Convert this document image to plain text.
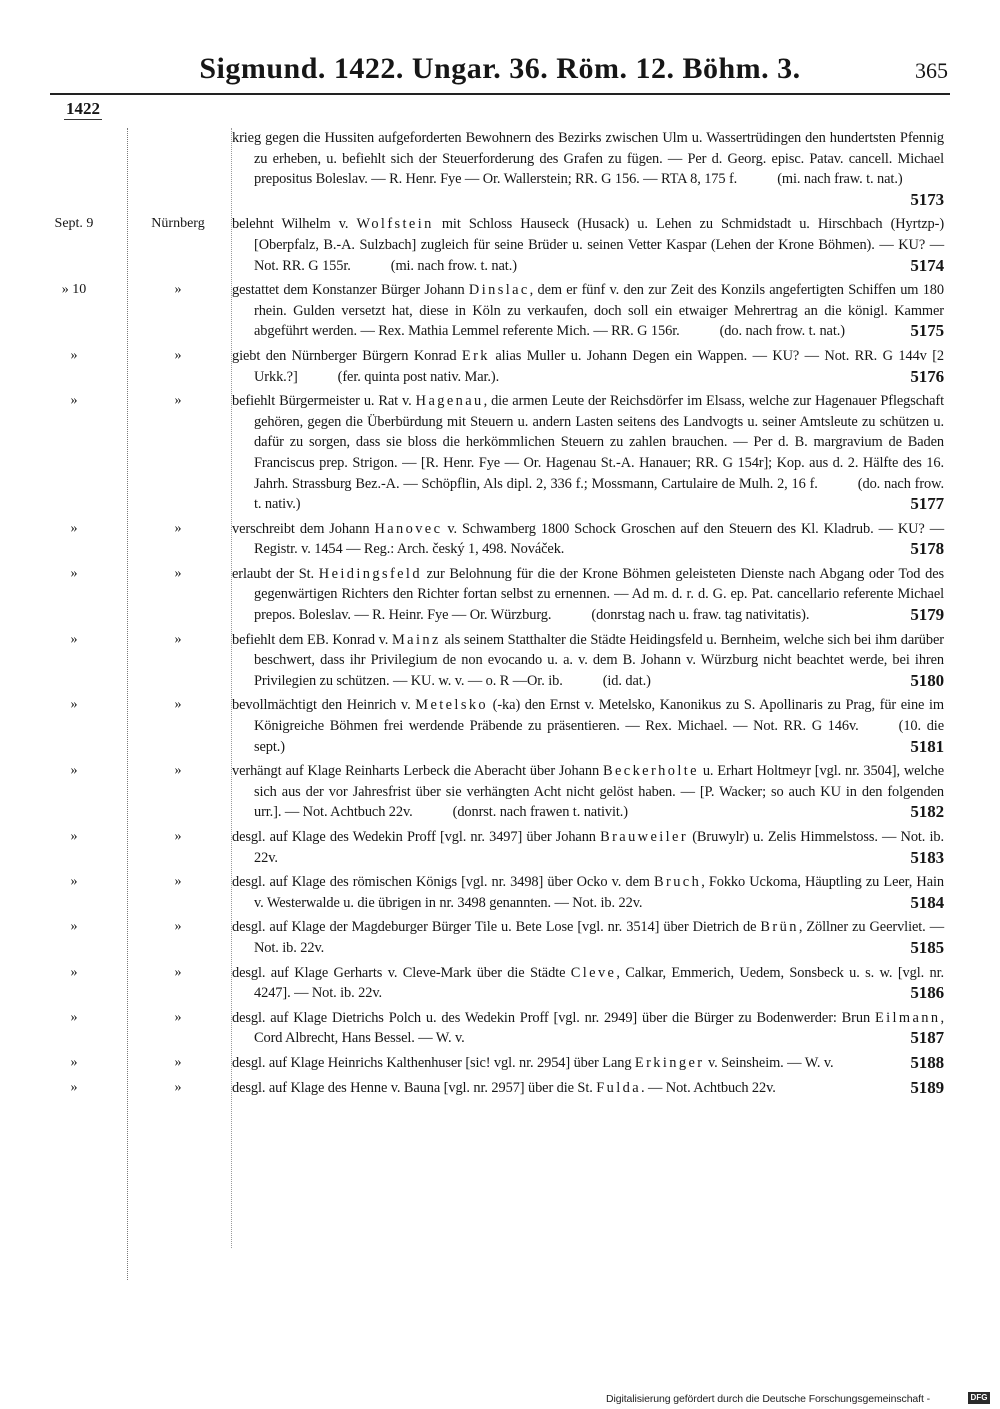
Sigmund. 1422. Ungar. 36. Röm. 12. Böhm. 3.	365
1422
krieg gegen die Hussiten aufgeforderten Bewohnern des Bezirks zwischen Ulm u. Wassertrüdingen den hundertsten Pfennig zu erheben, u. befiehlt sich der Steuerforderung des Grafen zu fügen. — Per d. Georg. episc. Patav. cancell. Michael prepositus Boleslav. — R. Henr. Fye — Or. Wallerstein; RR. G 156. — RTA 8, 175 f.	(mi. nach fraw. t. nat.)
5173
Sept. 9	Nürnberg	belehnt Wilhelm v. Wolfstein mit Schloss Hauseck (Husack) u. Lehen zu Schmidstadt u. Hirschbach (Hyrtzp-) [Oberpfalz, B.-A. Sulzbach] zugleich für seine Brüder u. seinen Vetter Kaspar (Lehen der Krone Böhmen). — KU? — Not. RR. G 155r.	(mi. nach frow. t. nat.)	5174
» 10	»	gestattet dem Konstanzer Bürger Johann Dinslac, dem er fünf v. den zur Zeit des Konzils angefertigten Schiffen um 180 rhein. Gulden versetzt hat, diese in Köln zu verkaufen, doch soll ein etwaiger Mehrertrag an die königl. Kammer abgeführt werden. — Rex. Mathia Lemmel referente Mich. — RR. G 156r.	(do. nach frow. t. nat.)	5175
»	»	giebt den Nürnberger Bürgern Konrad Erk alias Muller u. Johann Degen ein Wappen. — KU? — Not. RR. G 144v [2 Urkk.?]	(fer. quinta post nativ. Mar.).	5176
»	»	befiehlt Bürgermeister u. Rat v. Hagenau, die armen Leute der Reichsdörfer im Elsass, welche zur Hagenauer Pflegschaft gehören, gegen die Überbürdung mit Steuern u. andern Lasten seitens des Landvogts u. seiner Amtsleute zu schützen u. dafür zu sorgen, dass sie bloss die herkömmlichen Steuern zu zahlen brauchen. — Per d. B. margravium de Baden Franciscus prep. Strigon. — [R. Henr. Fye — Or. Hagenau St.-A. Hanauer; RR. G 154r]; Kop. aus d. 2. Hälfte des 16. Jahrh. Strassburg Bez.-A. — Schöpflin, Als dipl. 2, 336 f.; Mossmann, Cartulaire de Mulh. 2, 16 f.	(do. nach frow. t. nativ.)	5177
»	»	verschreibt dem Johann Hanovec v. Schwamberg 1800 Schock Groschen auf den Steuern des Kl. Kladrub. — KU? — Registr. v. 1454 — Reg.: Arch. český 1, 498. Nováček.	5178
»	»	erlaubt der St. Heidingsfeld zur Belohnung für die der Krone Böhmen geleisteten Dienste nach Abgang oder Tod des gegenwärtigen Richters den Richter fortan selbst zu ernennen. — Ad m. d. r. d. G. ep. Pat. cancellario referente Michael prepos. Boleslav. — R. Heinr. Fye — Or. Würzburg.	(donrstag nach u. fraw. tag nativitatis).	5179
»	»	befiehlt dem EB. Konrad v. Mainz als seinem Statthalter die Städte Heidingsfeld u. Bernheim, welche sich bei ihm darüber beschwert, dass ihr Privilegium de non evocando u. a. v. dem B. Johann v. Würzburg nicht beachtet werde, bei ihren Privilegien zu schützen. — KU. w. v. — o. R —Or. ib.	(id. dat.)	5180
»	»	bevollmächtigt den Heinrich v. Metelsko (-ka) den Ernst v. Metelsko, Kanonikus zu S. Apollinaris zu Prag, für eine im Königreiche Böhmen frei werdende Präbende zu präsentieren. — Rex. Michael. — Not. RR. G 146v.	(10. die sept.)	5181
»	»	verhängt auf Klage Reinharts Lerbeck die Aberacht über Johann Beckerholte u. Erhart Holtmeyr [vgl. nr. 3504], welche sich aus der vor Jahresfrist über sie verhängten Acht nicht gelöst haben. — [P. Wacker; so auch KU in den folgenden urr.]. — Not. Achtbuch 22v.	(donrst. nach frawen t. nativit.)	5182
»	»	desgl. auf Klage des Wedekin Proff [vgl. nr. 3497] über Johann Brauweiler (Bruwylr) u. Zelis Himmelstoss. — Not. ib. 22v.	5183
»	»	desgl. auf Klage des römischen Königs [vgl. nr. 3498] über Ocko v. dem Bruch, Fokko Uckoma, Häuptling zu Leer, Hain v. Westerwalde u. die übrigen in nr. 3498 genannten. — Not. ib. 22v.	5184
»	»	desgl. auf Klage der Magdeburger Bürger Tile u. Bete Lose [vgl. nr. 3514] über Dietrich de Brün, Zöllner zu Geervliet. — Not. ib. 22v.	5185
»	»	desgl. auf Klage Gerharts v. Cleve-Mark über die Städte Cleve, Calkar, Emmerich, Uedem, Sonsbeck u. s. w. [vgl. nr. 4247]. — Not. ib. 22v.	5186
»	»	desgl. auf Klage Dietrichs Polch u. des Wedekin Proff [vgl. nr. 2949] über die Bürger zu Bodenwerder: Brun Eilmann, Cord Albrecht, Hans Bessel. — W. v.	5187
»	»	desgl. auf Klage Heinrichs Kalthenhuser [sic! vgl. nr. 2954] über Lang Erkinger v. Seinsheim. — W. v.	5188
»	»	desgl. auf Klage des Henne v. Bauna [vgl. nr. 2957] über die St. Fulda. — Not. Achtbuch 22v.	5189
Digitalisierung gefördert durch die Deutsche Forschungsgemeinschaft -	DFG
